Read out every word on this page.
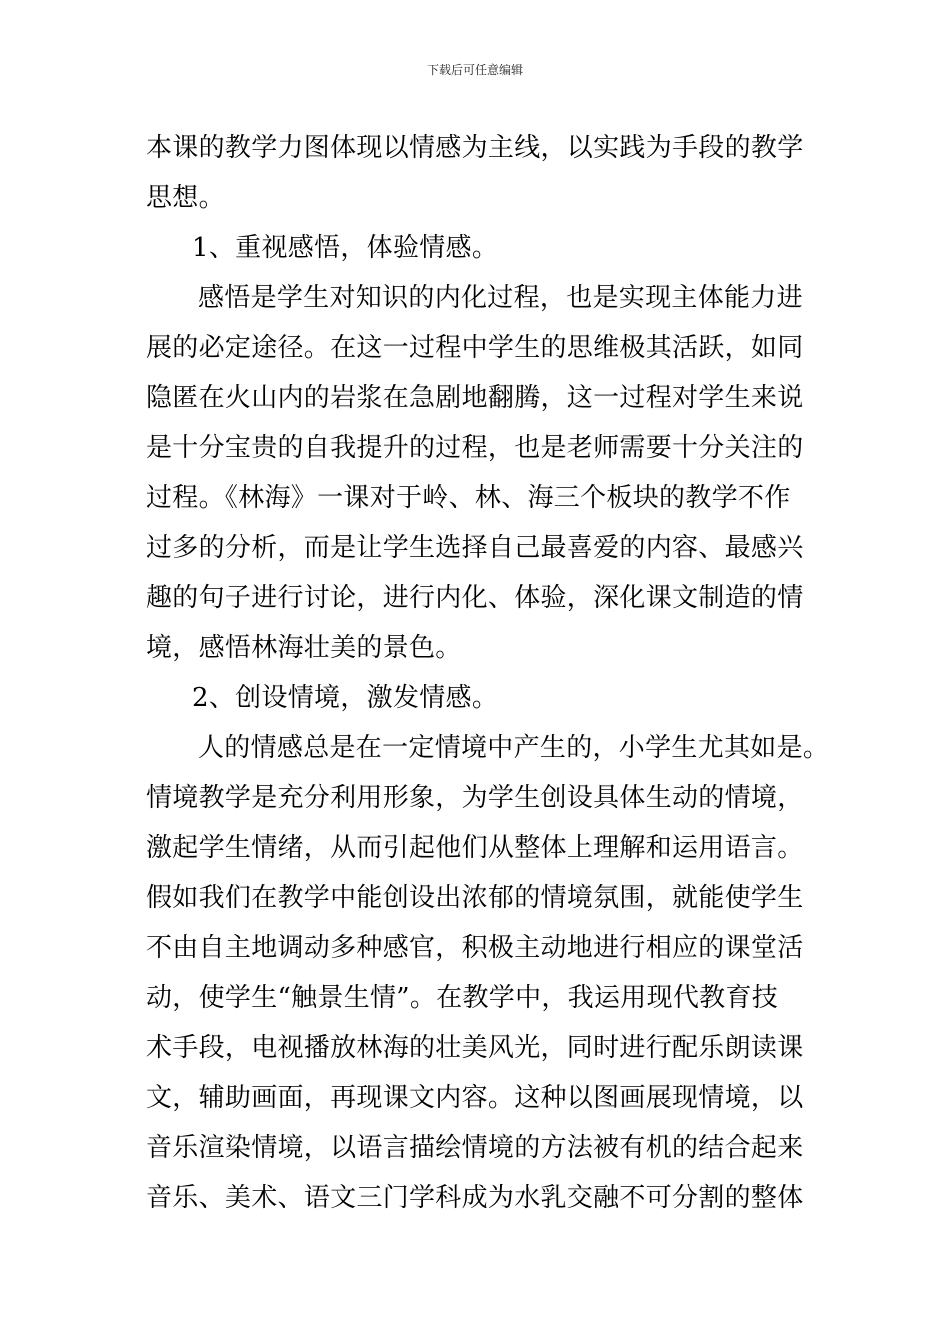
下载后可任意编辑
本课的教学力图体现以情感为主线，以实践为手段的教学
思想。
1、重视感悟，体验情感。
感悟是学生对知识的内化过程，也是实现主体能力进
展的必定途径。在这一过程中学生的思维极其活跃，如同
隐匿在火山内的岩浆在急剧地翻腾，这一过程对学生来说
是十分宝贵的自我提升的过程，也是老师需要十分关注的
过程。《林海》一课对于岭、林、海三个板块的教学不作
过多的分析，而是让学生选择自己最喜爱的内容、最感兴
趣的句子进行讨论，进行内化、体验，深化课文制造的情
境，感悟林海壮美的景色。
2、创设情境，激发情感。
人的情感总是在一定情境中产生的，小学生尤其如是。
情境教学是充分利用形象，为学生创设具体生动的情境，
激起学生情绪，从而引起他们从整体上理解和运用语言。
假如我们在教学中能创设出浓郁的情境氛围，就能使学生
不由自主地调动多种感官，积极主动地进行相应的课堂活
动，使学生“触景生情”。在教学中，我运用现代教育技
术手段，电视播放林海的壮美风光，同时进行配乐朗读课
文，辅助画面，再现课文内容。这种以图画展现情境，以
音乐渲染情境，以语言描绘情境的方法被有机的结合起来
音乐、美术、语文三门学科成为水乳交融不可分割的整体
